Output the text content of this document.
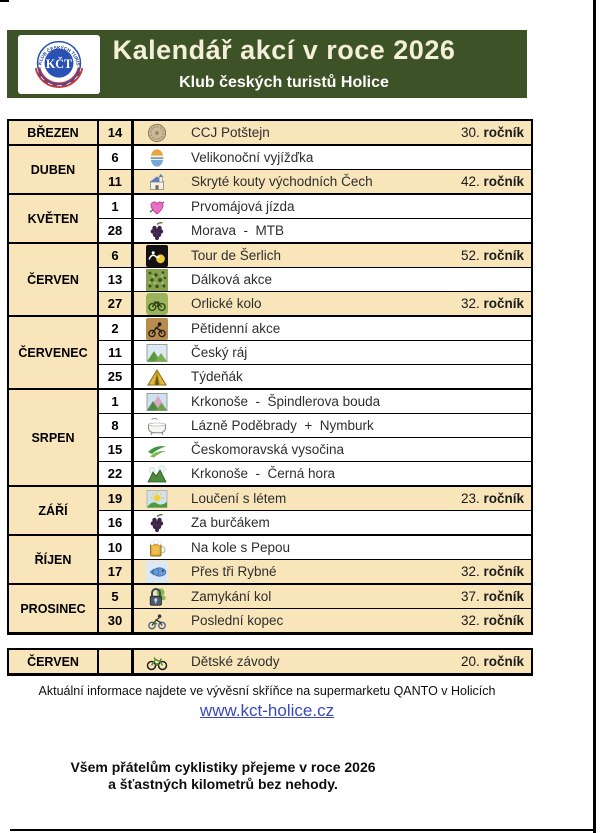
KČT
KLUB ČESKÝCH TURIS	Kalendář akcí v roce 2026
Klub českých turistů Holice
BŘEZEN	14	CCJ Potštejn 30. ročník

DUBEN	6	Velikonoční vyjížďka

	11	Skryté kouty východních Čech 42. ročník

KVĚTEN	1	Prvomájová jízda

	28	Morava  -  MTB

ČERVEN	6	Tour de Šerlich 52. ročník

	13	Dálková akce

	27	Orlické kolo 32. ročník

ČERVENEC	2	Pětidenní akce

	11	Český ráj

	25	Týdeňák

SRPEN	1	Krkonoše  -  Špindlerova bouda

	8	Lázně Poděbrady  +  Nymburk

	15	Českomoravská vysočina

	22	Krkonoše  -  Černá hora

ZÁŘÍ	19	Loučení s létem 23. ročník

	16	Za burčákem

ŘÍJEN	10	Na kole s Pepou

	17	Přes tři Rybné 32. ročník

PROSINEC	5	Zamykání kol 37. ročník

	30	Poslední kopec 32. ročník
ČERVEN		Dětské závody	20. ročník
Aktuální informace najdete ve vývěsní skříňce na supermarketu QANTO v Holicích
www.kct-holice.cz
Všem přátelům cyklistiky přejeme v roce 2026
a šťastných kilometrů bez nehody.
